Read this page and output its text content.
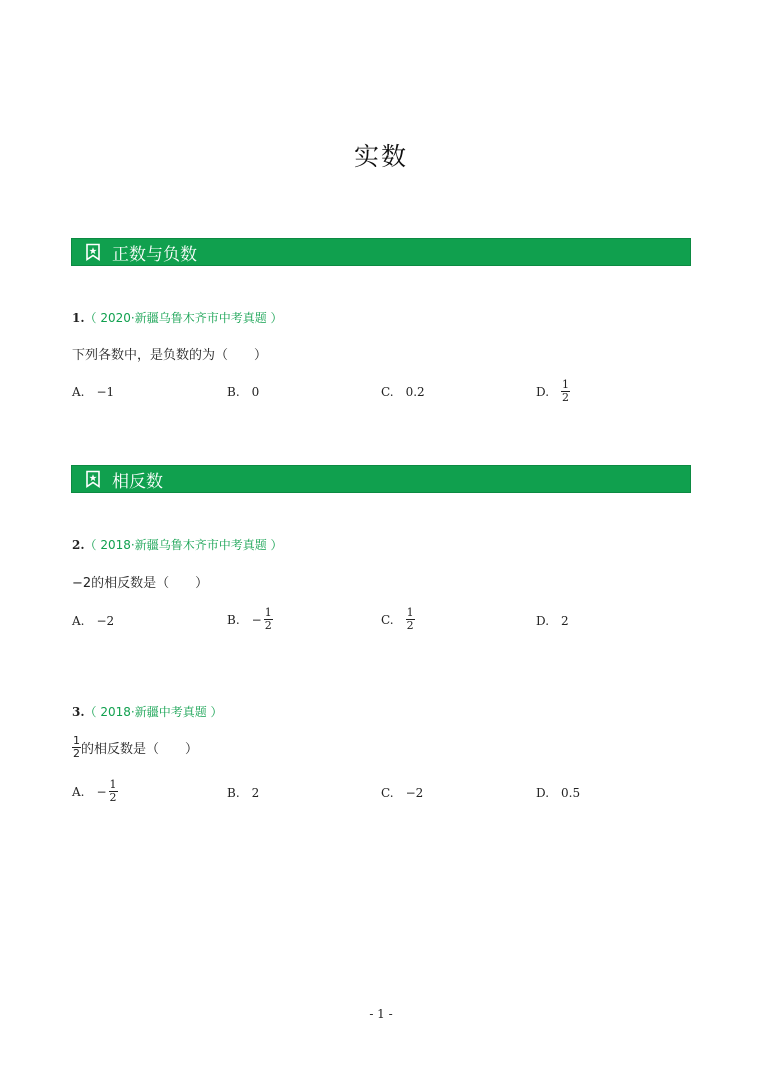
实数
正数与负数
1.（ 2020·新疆乌鲁木齐市中考真题 ）
下列各数中，是负数的为（　　）
A. −1	B. 0	C. 0.2	D. $\frac{1}{2}$
相反数
2.（ 2018·新疆乌鲁木齐市中考真题 ）
−2的相反数是（　　）
A. −2	B. − $\frac{1}{2}$	C. $\frac{1}{2}$	D. 2
3.（ 2018·新疆中考真题 ）
$\frac{1}{2}$ 的相反数是（　　）
A. − $\frac{1}{2}$	B. 2	C. −2	D. 0.5
- 1 -
